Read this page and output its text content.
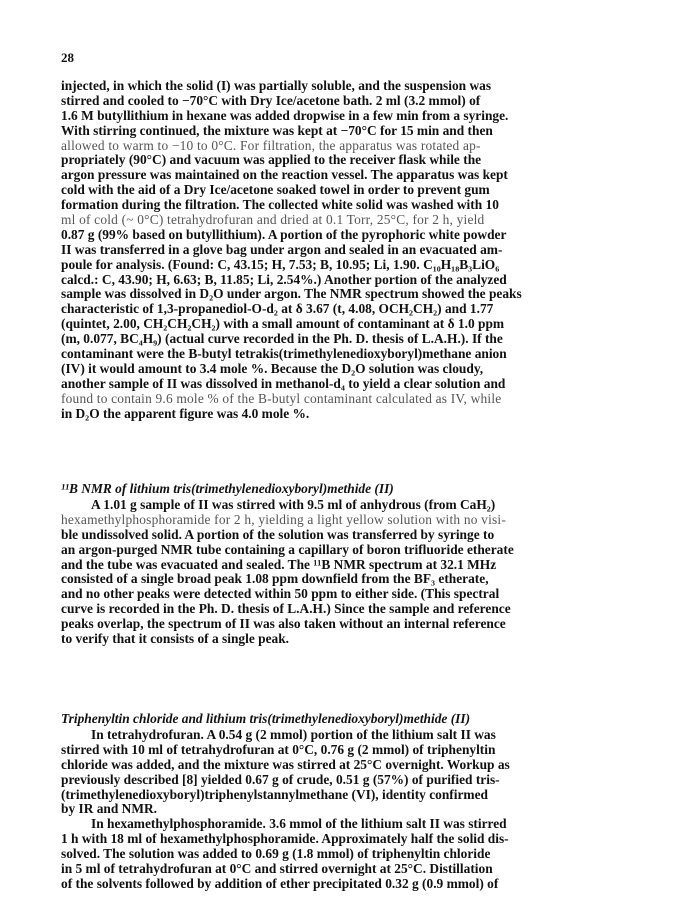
28
injected, in which the solid (I) was partially soluble, and the suspension was
stirred and cooled to −70°C with Dry Ice/acetone bath. 2 ml (3.2 mmol) of
1.6 M butyllithium in hexane was added dropwise in a few min from a syringe.
With stirring continued, the mixture was kept at −70°C for 15 min and then
allowed to warm to −10 to 0°C. For filtration, the apparatus was rotated ap-
propriately (90°C) and vacuum was applied to the receiver flask while the
argon pressure was maintained on the reaction vessel. The apparatus was kept
cold with the aid of a Dry Ice/acetone soaked towel in order to prevent gum
formation during the filtration. The collected white solid was washed with 10
ml of cold (~ 0°C) tetrahydrofuran and dried at 0.1 Torr, 25°C, for 2 h, yield
0.87 g (99% based on butyllithium). A portion of the pyrophoric white powder
II was transferred in a glove bag under argon and sealed in an evacuated am-
poule for analysis. (Found: C, 43.15; H, 7.53; B, 10.95; Li, 1.90. C₁₀H₁₈B₃LiO₆
calcd.: C, 43.90; H, 6.63; B, 11.85; Li, 2.54%.) Another portion of the analyzed
sample was dissolved in D₂O under argon. The NMR spectrum showed the peaks
characteristic of 1,3-propanediol-O-d₂ at δ 3.67 (t, 4.08, OCH₂CH₂) and 1.77
(quintet, 2.00, CH₂CH₂CH₂) with a small amount of contaminant at δ 1.0 ppm
(m, 0.077, BC₄H₉) (actual curve recorded in the Ph. D. thesis of L.A.H.). If the
contaminant were the B-butyl tetrakis(trimethylenedioxyboryl)methane anion
(IV) it would amount to 3.4 mole %. Because the D₂O solution was cloudy,
another sample of II was dissolved in methanol-d₄ to yield a clear solution and
found to contain 9.6 mole % of the B-butyl contaminant calculated as IV, while
in D₂O the apparent figure was 4.0 mole %.
¹¹B NMR of lithium tris(trimethylenedioxyboryl)methide (II)
A 1.01 g sample of II was stirred with 9.5 ml of anhydrous (from CaH₂)
hexamethylphosphoramide for 2 h, yielding a light yellow solution with no visi-
ble undissolved solid. A portion of the solution was transferred by syringe to
an argon-purged NMR tube containing a capillary of boron trifluoride etherate
and the tube was evacuated and sealed. The ¹¹B NMR spectrum at 32.1 MHz
consisted of a single broad peak 1.08 ppm downfield from the BF₃ etherate,
and no other peaks were detected within 50 ppm to either side. (This spectral
curve is recorded in the Ph. D. thesis of L.A.H.) Since the sample and reference
peaks overlap, the spectrum of II was also taken without an internal reference
to verify that it consists of a single peak.
Triphenyltin chloride and lithium tris(trimethylenedioxyboryl)methide (II)
In tetrahydrofuran. A 0.54 g (2 mmol) portion of the lithium salt II was
stirred with 10 ml of tetrahydrofuran at 0°C, 0.76 g (2 mmol) of triphenyltin
chloride was added, and the mixture was stirred at 25°C overnight. Workup as
previously described [8] yielded 0.67 g of crude, 0.51 g (57%) of purified tris-
(trimethylenedioxyboryl)triphenylstannylmethane (VI), identity confirmed
by IR and NMR.
In hexamethylphosphoramide. 3.6 mmol of the lithium salt II was stirred
1 h with 18 ml of hexamethylphosphoramide. Approximately half the solid dis-
solved. The solution was added to 0.69 g (1.8 mmol) of triphenyltin chloride
in 5 ml of tetrahydrofuran at 0°C and stirred overnight at 25°C. Distillation
of the solvents followed by addition of ether precipitated 0.32 g (0.9 mmol) of
